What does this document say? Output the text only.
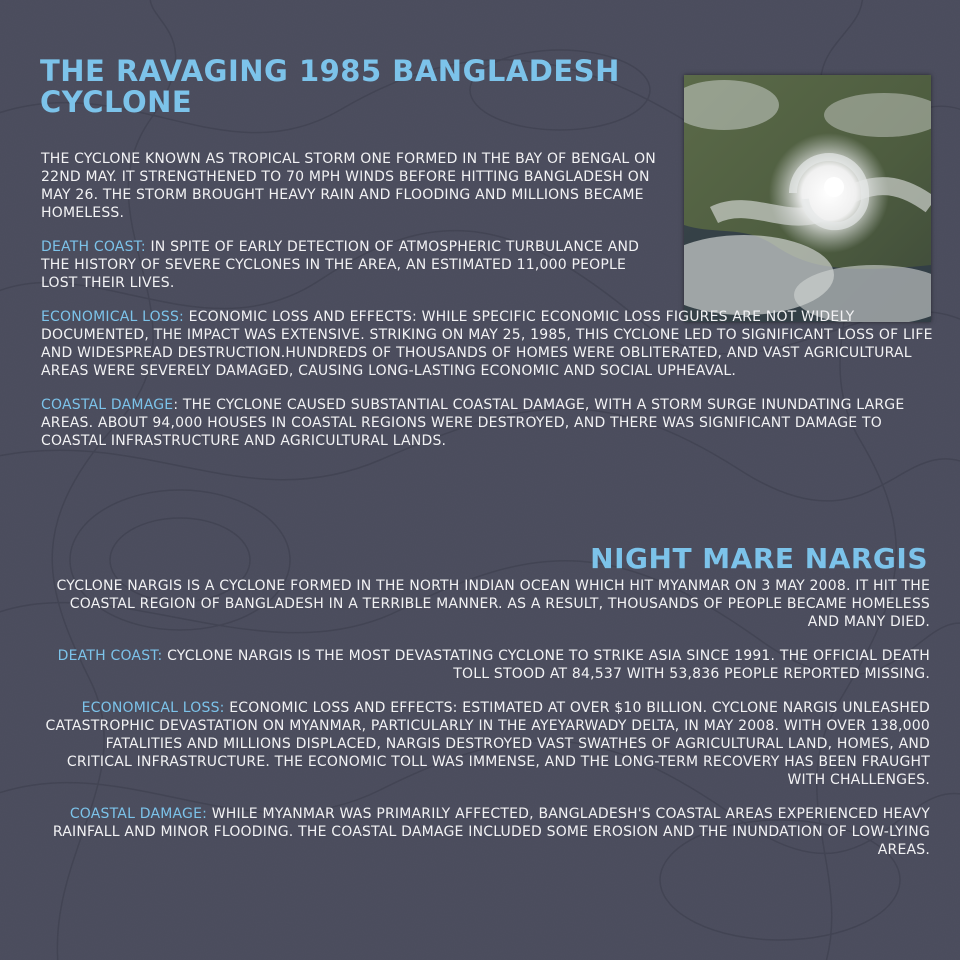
THE RAVAGING 1985 BANGLADESH CYCLONE

THE CYCLONE KNOWN AS TROPICAL STORM ONE FORMED IN THE BAY OF BENGAL ON 22ND MAY. IT STRENGTHENED TO 70 MPH WINDS BEFORE HITTING BANGLADESH ON MAY 26. THE STORM BROUGHT HEAVY RAIN AND FLOODING AND MILLIONS BECAME HOMELESS.

DEATH COAST: IN SPITE OF EARLY DETECTION OF ATMOSPHERIC TURBULANCE AND THE HISTORY OF SEVERE CYCLONES IN THE AREA, AN ESTIMATED 11,000 PEOPLE LOST THEIR LIVES.

ECONOMICAL LOSS: ECONOMIC LOSS AND EFFECTS: WHILE SPECIFIC ECONOMIC LOSS FIGURES ARE NOT WIDELY DOCUMENTED, THE IMPACT WAS EXTENSIVE. STRIKING ON MAY 25, 1985, THIS CYCLONE LED TO SIGNIFICANT LOSS OF LIFE AND WIDESPREAD DESTRUCTION.HUNDREDS OF THOUSANDS OF HOMES WERE OBLITERATED, AND VAST AGRICULTURAL AREAS WERE SEVERELY DAMAGED, CAUSING LONG-LASTING ECONOMIC AND SOCIAL UPHEAVAL.

COASTAL DAMAGE: THE CYCLONE CAUSED SUBSTANTIAL COASTAL DAMAGE, WITH A STORM SURGE INUNDATING LARGE AREAS. ABOUT 94,000 HOUSES IN COASTAL REGIONS WERE DESTROYED, AND THERE WAS SIGNIFICANT DAMAGE TO COASTAL INFRASTRUCTURE AND AGRICULTURAL LANDS.

NIGHT MARE NARGIS

CYCLONE NARGIS IS A CYCLONE FORMED IN THE NORTH INDIAN OCEAN WHICH HIT MYANMAR ON 3 MAY 2008. IT HIT THE COASTAL REGION OF BANGLADESH IN A TERRIBLE MANNER. AS A RESULT, THOUSANDS OF PEOPLE BECAME HOMELESS AND MANY DIED.

DEATH COAST: CYCLONE NARGIS IS THE MOST DEVASTATING CYCLONE TO STRIKE ASIA SINCE 1991. THE OFFICIAL DEATH TOLL STOOD AT 84,537 WITH 53,836 PEOPLE REPORTED MISSING.

ECONOMICAL LOSS: ECONOMIC LOSS AND EFFECTS: ESTIMATED AT OVER $10 BILLION. CYCLONE NARGIS UNLEASHED CATASTROPHIC DEVASTATION ON MYANMAR, PARTICULARLY IN THE AYEYARWADY DELTA, IN MAY 2008. WITH OVER 138,000 FATALITIES AND MILLIONS DISPLACED, NARGIS DESTROYED VAST SWATHES OF AGRICULTURAL LAND, HOMES, AND CRITICAL INFRASTRUCTURE. THE ECONOMIC TOLL WAS IMMENSE, AND THE LONG-TERM RECOVERY HAS BEEN FRAUGHT WITH CHALLENGES.

COASTAL DAMAGE: WHILE MYANMAR WAS PRIMARILY AFFECTED, BANGLADESH'S COASTAL AREAS EXPERIENCED HEAVY RAINFALL AND MINOR FLOODING. THE COASTAL DAMAGE INCLUDED SOME EROSION AND THE INUNDATION OF LOW-LYING AREAS.
